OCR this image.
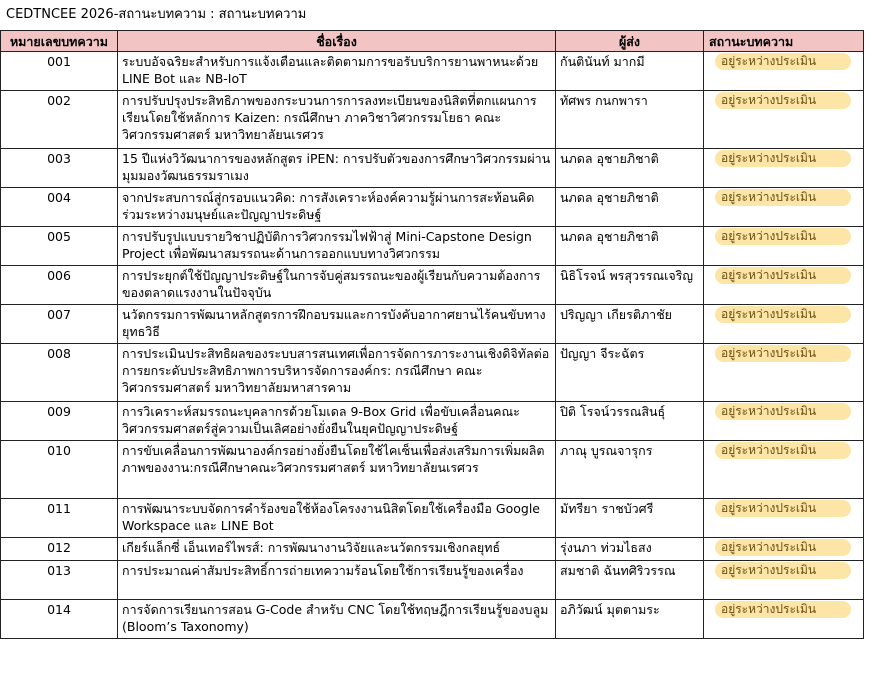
CEDTNCEE 2026-สถานะบทความ : สถานะบทความ
หมายเลขบทความ	ชื่อเรื่อง	ผู้ส่ง	สถานะบทความ
001	ระบบอัจฉริยะสำหรับการแจ้งเตือนและติดตามการขอรับบริการยานพาหนะด้วย LINE Bot และ NB-IoT	กันตินันท์ มากมี	อยู่ระหว่างประเมิน

002	การปรับปรุงประสิทธิภาพของกระบวนการการลงทะเบียนของนิสิตที่ตกแผนการเรียนโดยใช้หลักการ Kaizen: กรณีศึกษา ภาควิชาวิศวกรรมโยธา คณะวิศวกรรมศาสตร์ มหาวิทยาลัยนเรศวร	ทัศพร กนกพารา	อยู่ระหว่างประเมิน

003	15 ปีแห่งวิวัฒนาการของหลักสูตร iPEN: การปรับตัวของการศึกษาวิศวกรรมผ่านมุมมองวัฒนธรรมราเมง	นภดล อุชายภิชาติ	อยู่ระหว่างประเมิน

004	จากประสบการณ์สู่กรอบแนวคิด: การสังเคราะห์องค์ความรู้ผ่านการสะท้อนคิดร่วมระหว่างมนุษย์และปัญญาประดิษฐ์	นภดล อุชายภิชาติ	อยู่ระหว่างประเมิน

005	การปรับรูปแบบรายวิชาปฏิบัติการวิศวกรรมไฟฟ้าสู่ Mini-Capstone Design Project เพื่อพัฒนาสมรรถนะด้านการออกแบบทางวิศวกรรม	นภดล อุชายภิชาติ	อยู่ระหว่างประเมิน

006	การประยุกต์ใช้ปัญญาประดิษฐ์ในการจับคู่สมรรถนะของผู้เรียนกับความต้องการของตลาดแรงงานในปัจจุบัน	นิธิโรจน์ พรสุวรรณเจริญ	อยู่ระหว่างประเมิน

007	นวัตกรรมการพัฒนาหลักสูตรการฝึกอบรมและการบังคับอากาศยานไร้คนขับทางยุทธวิธี	ปริญญา เกียรติภาชัย	อยู่ระหว่างประเมิน

008	การประเมินประสิทธิผลของระบบสารสนเทศเพื่อการจัดการภาระงานเชิงดิจิทัลต่อการยกระดับประสิทธิภาพการบริหารจัดการองค์กร: กรณีศึกษา คณะวิศวกรรมศาสตร์ มหาวิทยาลัยมหาสารคาม	ปัญญา จีระฉัตร	อยู่ระหว่างประเมิน

009	การวิเคราะห์สมรรถนะบุคลากรด้วยโมเดล 9-Box Grid เพื่อขับเคลื่อนคณะวิศวกรรมศาสตร์สู่ความเป็นเลิศอย่างยั่งยืนในยุคปัญญาประดิษฐ์	ปิติ โรจน์วรรณสินธุ์	อยู่ระหว่างประเมิน

010	การขับเคลื่อนการพัฒนาองค์กรอย่างยั่งยืนโดยใช้ไคเซ็นเพื่อส่งเสริมการเพิ่มผลิตภาพของงาน:กรณีศึกษาคณะวิศวกรรมศาสตร์ มหาวิทยาลัยนเรศวร	ภาณุ บูรณจารุกร	อยู่ระหว่างประเมิน

011	การพัฒนาระบบจัดการคำร้องขอใช้ห้องโครงงานนิสิตโดยใช้เครื่องมือ Google Workspace และ LINE Bot	มัทรียา ราชบัวศรี	อยู่ระหว่างประเมิน

012	เกียร์แล็กซี่ เอ็นเทอร์ไพรส์: การพัฒนางานวิจัยและนวัตกรรมเชิงกลยุทธ์	รุ่งนภา ท่วมไธสง	อยู่ระหว่างประเมิน

013	การประมาณค่าสัมประสิทธิ์การถ่ายเทความร้อนโดยใช้การเรียนรู้ของเครื่อง	สมชาติ ฉันทศิริวรรณ	อยู่ระหว่างประเมิน

014	การจัดการเรียนการสอน G-Code สำหรับ CNC โดยใช้ทฤษฎีการเรียนรู้ของบลูม (Bloom’s Taxonomy)	อภิวัฒน์ มุตตามระ	อยู่ระหว่างประเมิน
